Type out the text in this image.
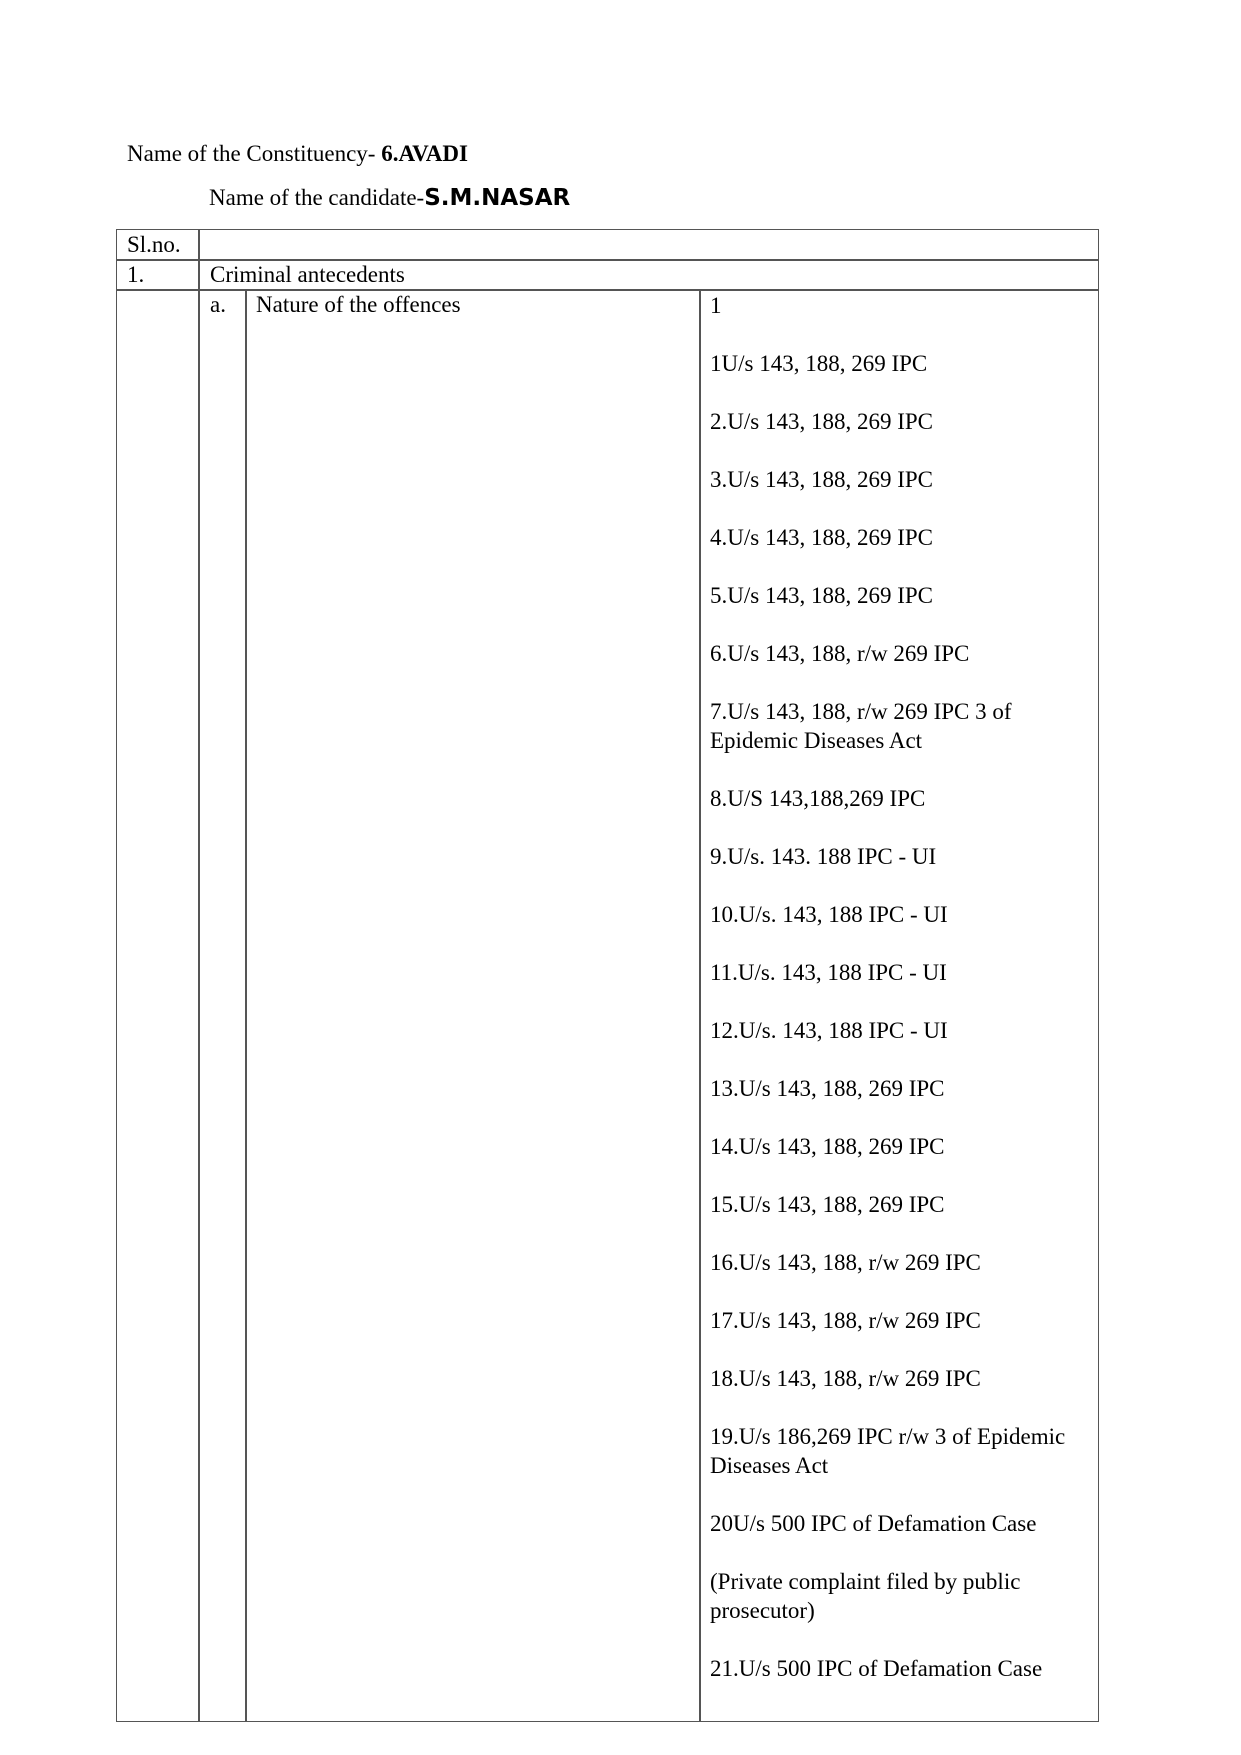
Name of the Constituency- 6.AVADI
Name of the candidate-S.M.NASAR
Sl.no.
1.	Criminal antecedents
a. Nature of the offences	1
1U/s 143, 188, 269 IPC
2.U/s 143, 188, 269 IPC
3.U/s 143, 188, 269 IPC
4.U/s 143, 188, 269 IPC
5.U/s 143, 188, 269 IPC
6.U/s 143, 188, r/w 269 IPC
7.U/s 143, 188, r/w 269 IPC 3 of Epidemic Diseases Act
8.U/S 143,188,269 IPC
9.U/s. 143. 188 IPC - UI
10.U/s. 143, 188 IPC - UI
11.U/s. 143, 188 IPC - UI
12.U/s. 143, 188 IPC - UI
13.U/s 143, 188, 269 IPC
14.U/s 143, 188, 269 IPC
15.U/s 143, 188, 269 IPC
16.U/s 143, 188, r/w 269 IPC
17.U/s 143, 188, r/w 269 IPC
18.U/s 143, 188, r/w 269 IPC
19.U/s 186,269 IPC r/w 3 of Epidemic Diseases Act
20U/s 500 IPC of Defamation Case
(Private complaint filed by public prosecutor)
21.U/s 500 IPC of Defamation Case
